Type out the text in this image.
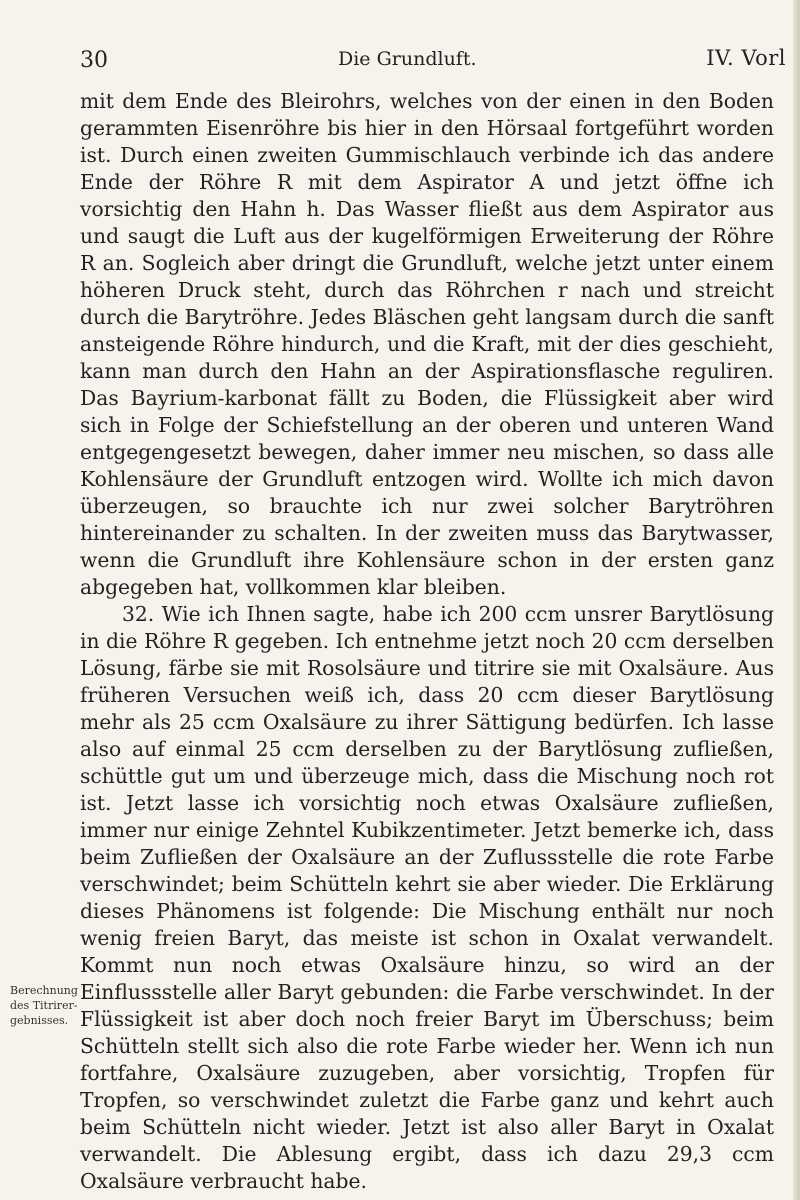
30	Die Grundluft.	IV. Vorl
Berechnung des Titrirer-gebnisses.

mit dem Ende des Bleirohrs, welches von der einen in den Boden gerammten Eisenröhre bis hier in den Hörsaal fortgeführt worden ist. Durch einen zweiten Gummischlauch verbinde ich das andere Ende der Röhre R mit dem Aspirator A und jetzt öffne ich vorsichtig den Hahn h. Das Wasser fließt aus dem Aspirator aus und saugt die Luft aus der kugelförmigen Erweiterung der Röhre R an. Sogleich aber dringt die Grundluft, welche jetzt unter einem höheren Druck steht, durch das Röhrchen r nach und streicht durch die Barytröhre. Jedes Bläschen geht langsam durch die sanft ansteigende Röhre hindurch, und die Kraft, mit der dies geschieht, kann man durch den Hahn an der Aspirationsflasche reguliren. Das Bayrium-karbonat fällt zu Boden, die Flüssigkeit aber wird sich in Folge der Schiefstellung an der oberen und unteren Wand entgegengesetzt bewegen, daher immer neu mischen, so dass alle Kohlensäure der Grundluft entzogen wird. Wollte ich mich davon überzeugen, so brauchte ich nur zwei solcher Barytröhren hintereinander zu schalten. In der zweiten muss das Barytwasser, wenn die Grundluft ihre Kohlensäure schon in der ersten ganz abgegeben hat, vollkommen klar bleiben.

32. Wie ich Ihnen sagte, habe ich 200 ccm unsrer Barytlösung in die Röhre R gegeben. Ich entnehme jetzt noch 20 ccm derselben Lösung, färbe sie mit Rosolsäure und titrire sie mit Oxalsäure. Aus früheren Versuchen weiß ich, dass 20 ccm dieser Barytlösung mehr als 25 ccm Oxalsäure zu ihrer Sättigung bedürfen. Ich lasse also auf einmal 25 ccm derselben zu der Barytlösung zufließen, schüttle gut um und überzeuge mich, dass die Mischung noch rot ist. Jetzt lasse ich vorsichtig noch etwas Oxalsäure zufließen, immer nur einige Zehntel Kubikzentimeter. Jetzt bemerke ich, dass beim Zufließen der Oxalsäure an der Zuflussstelle die rote Farbe verschwindet; beim Schütteln kehrt sie aber wieder. Die Erklärung dieses Phänomens ist folgende: Die Mischung enthält nur noch wenig freien Baryt, das meiste ist schon in Oxalat verwandelt. Kommt nun noch etwas Oxalsäure hinzu, so wird an der Einflussstelle aller Baryt gebunden: die Farbe verschwindet. In der Flüssigkeit ist aber doch noch freier Baryt im Überschuss; beim Schütteln stellt sich also die rote Farbe wieder her. Wenn ich nun fortfahre, Oxalsäure zuzugeben, aber vorsichtig, Tropfen für Tropfen, so verschwindet zuletzt die Farbe ganz und kehrt auch beim Schütteln nicht wieder. Jetzt ist also aller Baryt in Oxalat verwandelt. Die Ablesung ergibt, dass ich dazu 29,3 ccm Oxalsäure verbraucht habe.
